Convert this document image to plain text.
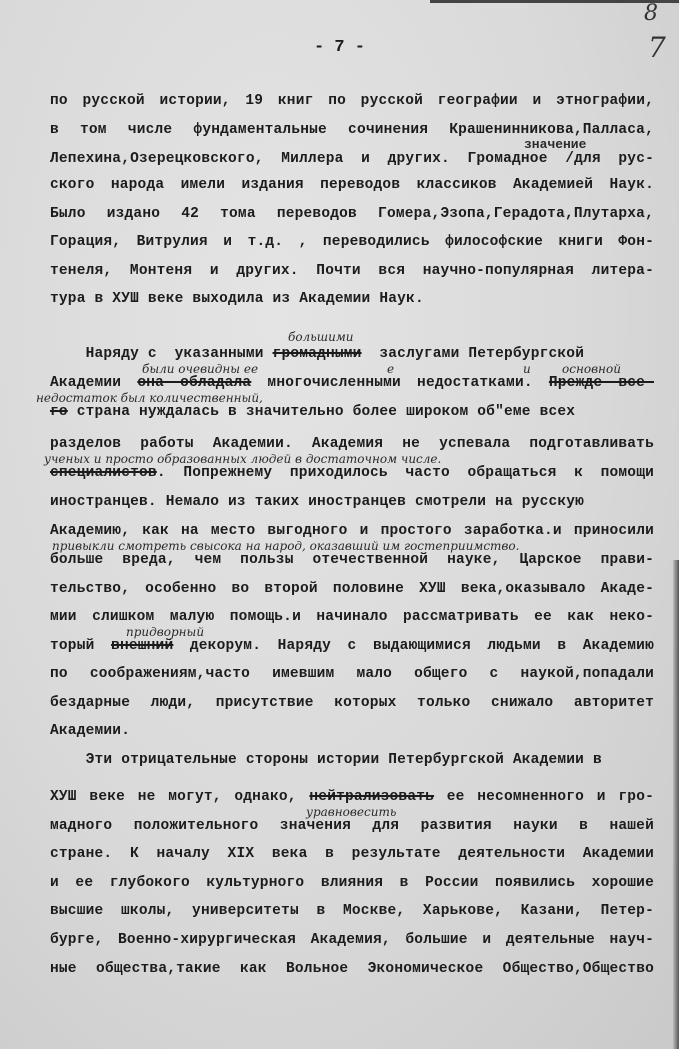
8
7
- 7 -
по русской истории, 19 книг по русской географии и этнографии,
в том числе фундаментальные сочинения Крашенинникова,Палласа,
Лепехина,Озерецковского, Миллера и других. Громадное /для рус-
ского народа имели издания переводов классиков Академией Наук.
Было издано 42 тома переводов Гомера,Эзопа,Герадота,Плутарха,
Горация, Витрулия и т.д. , переводились философские книги Фон-
тенеля, Монтеня и других. Почти вся научно-популярная литера-
тура в ХУШ веке выходила из Академии Наук.
Наряду с  указанными громадными  заслугами Петербургской
Академии она обладала многочисленными недостатками. Прежде все-
го страна нуждалась в значительно более широком об"еме всех
разделов работы Академии. Академия не успевала подготавливать
специалистов. Попрежнему приходилось часто обращаться к помощи
иностранцев. Немало из таких иностранцев смотрели на русскую
Академию, как на место выгодного и простого заработка.и приносили
больше вреда, чем пользы отечественной науке, Царское прави-
тельство, особенно во второй половине ХУШ века,оказывало Акаде-
мии слишком малую помощь.и начинало рассматривать ее как неко-
торый внешний декорум. Наряду с выдающимися людьми в Академию
по соображениям,часто имевшим мало общего с наукой,попадали
бездарные люди, присутствие которых только снижало авторитет
Академии.
Эти отрицательные стороны истории Петербургской Академии в
ХУШ веке не могут, однако, нейтрализовать ее несомненного и гро-
мадного положительного значения для развития науки в нашей
стране. К началу XIX века в результате деятельности Академии
и ее глубокого культурного влияния в России появились хорошие
высшие школы, университеты в Москве, Харькове, Казани, Петер-
бурге, Военно-хирургическая Академия, большие и деятельные науч-
ные общества,такие как Вольное Экономическое Общество,Общество
значение
большими
были очевидны ее	е	и	основной
недостаток был количественный,
ученых и просто образованных людей в достаточном числе.
привыкли смотреть свысока на народ, оказавший им гостеприимство.
придворный
уравновесить
